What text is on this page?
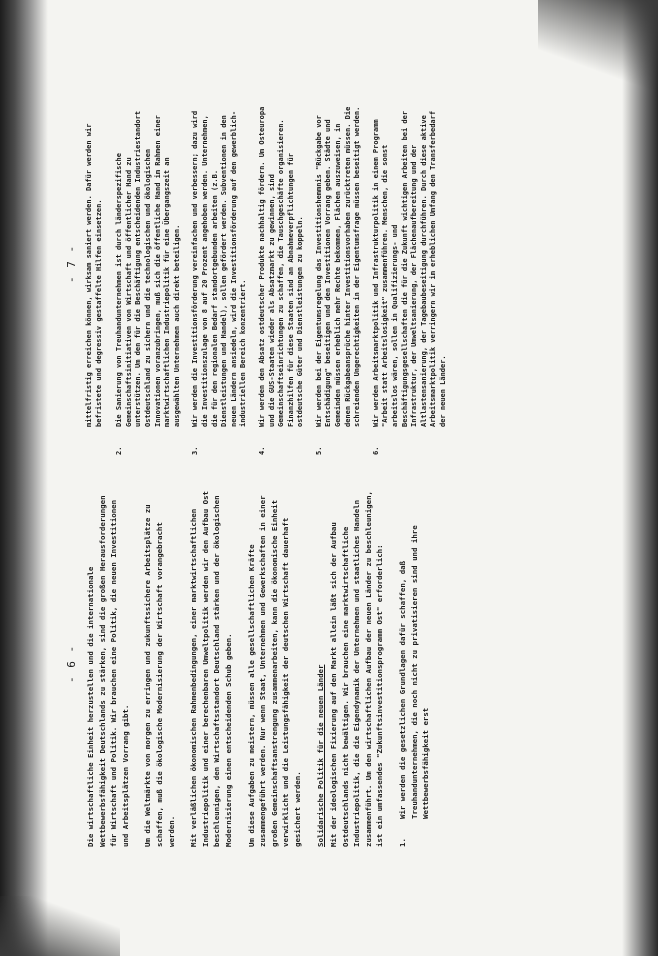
- 6 -
- 7 -

Die wirtschaftliche Einheit herzustellen und die internationale Wettbewerbsfähigkeit Deutschlands zu stärken, sind die großen Herausforderungen für Wirtschaft und Politik. Wir brauchen eine Politik, die neuen Investitionen und Arbeitsplätzen Vorrang gibt. Um die Weltmärkte von morgen zu erringen und zukunftssichere Arbeitsplätze zu schaffen, muß die ökologische Modernisierung der Wirtschaft vorangebracht werden. Mit verläßlichen ökonomischen Rahmenbedingungen, einer marktwirtschaftlichen Industriepolitik und einer berechenbaren Umweltpolitik werden wir den Aufbau Ost beschleunigen, den Wirtschaftsstandort Deutschland stärken und der ökologischen Modernisierung einen entscheidenden Schub geben. Um diese Aufgaben zu meistern, müssen alle gesellschaftlichen Kräfte zusammengeführt werden. Nur wenn Staat, Unternehmen und Gewerkschaften in einer großen Gemeinschaftsanstrengung zusammenarbeiten, kann die ökonomische Einheit verwirklicht und die Leistungsfähigkeit der deutschen Wirtschaft dauerhaft gesichert werden. Solidarische Politik für die neuen Länder Mit der ideologischen Fixierung auf den Markt allein läßt sich der Aufbau Ostdeutschlands nicht bewältigen. Wir brauchen eine marktwirtschaftliche Industriepolitik, die die Eigendynamik der Unternehmen und staatliches Handeln zusammenführt. Um den wirtschaftlichen Aufbau der neuen Länder zu beschleunigen, ist ein umfassendes "Zukunftsinvestitionsprogramm Ost" erforderlich: 1.
Wir werden die gesetzlichen Grundlagen dafür schaffen, daß Treuhandunternehmen, die noch nicht zu privatisieren sind und ihre Wettbewerbsfähigkeit erst

mittelfristig erreichen können, wirksam saniert werden. Dafür werden wir befristete und degressiv gestaffelte Hilfen einsetzen.

2.
Die Sanierung von Treuhandunternehmen ist durch länderspezifische Gemeinschaftsinitiativen von Wirtschaft und öffentlicher Hand zu unterstützen. Um den für die Beschäftigung entscheidenden Industriestandort Ostdeutschland zu sichern und die technologischen und ökologischen Innovationen voranzubringen, muß sich die öffentliche Hand im Rahmen einer marktwirtschaftlichen Industriepolitik für eine Übergangszeit an ausgewählten Unternehmen auch direkt beteiligen.
3.
Wir werden die Investitionsförderung vereinfachen und verbessern; dazu wird die Investitionszulage von 8 auf 20 Prozent angehoben werden. Unternehmen, die für den regionalen Bedarf standortgebunden arbeiten (z.B. Dienstleistungen und Handel), sollen gefördert werden. Subventionen in den neuen Ländern ansiedeln, wird die Investitionsförderung auf den gewerblich-industriellen Bereich konzentriert.
4.
Wir werden den Absatz ostdeutscher Produkte nachhaltig fördern. Um Osteuropa und die GUS-Staaten wieder als Absatzmarkt zu gewinnen, sind Gemeinschaftseinrichtungen zu schaffen, die Tauschgeschäfte organisieren. Finanzhilfen für diese Staaten sind an Abnahmeverpflichtungen für ostdeutsche Güter und Dienstleistungen zu koppeln.
5.
Wir werden bei der Eigentumsregelung das Investitionshemmnis "Rückgabe vor Entschädigung" beseitigen und den Investitionen Vorrang geben. Städte und Gemeinden müssen erheblich mehr Rechte bekommen, Flächen auszuweisen, in denen Rückgabeansprüche hinter Investitionsvorhaben zurücktreten müssen. Die schreienden Ungerechtigkeiten in der Eigentumsfrage müssen beseitigt werden.
6.
Wir werden Arbeitsmarktpolitik und Infrastrukturpolitik in einem Programm "Arbeit statt Arbeitslosigkeit" zusammenführen. Menschen, die sonst arbeitslos wären, sollen in Qualifizierungs- und Beschäftigungsgesellschaften die für die Zukunft wichtigen Arbeiten bei der Infrastruktur, der Umweltsanierung, der Flächenaufbereitung und der Altlastensanierung, der Tagebaubeseitigung durchführen. Durch diese aktive Arbeitsmarktpolitik verringern wir im erheblichen Umfang den Transferbedarf der neuen Länder.
